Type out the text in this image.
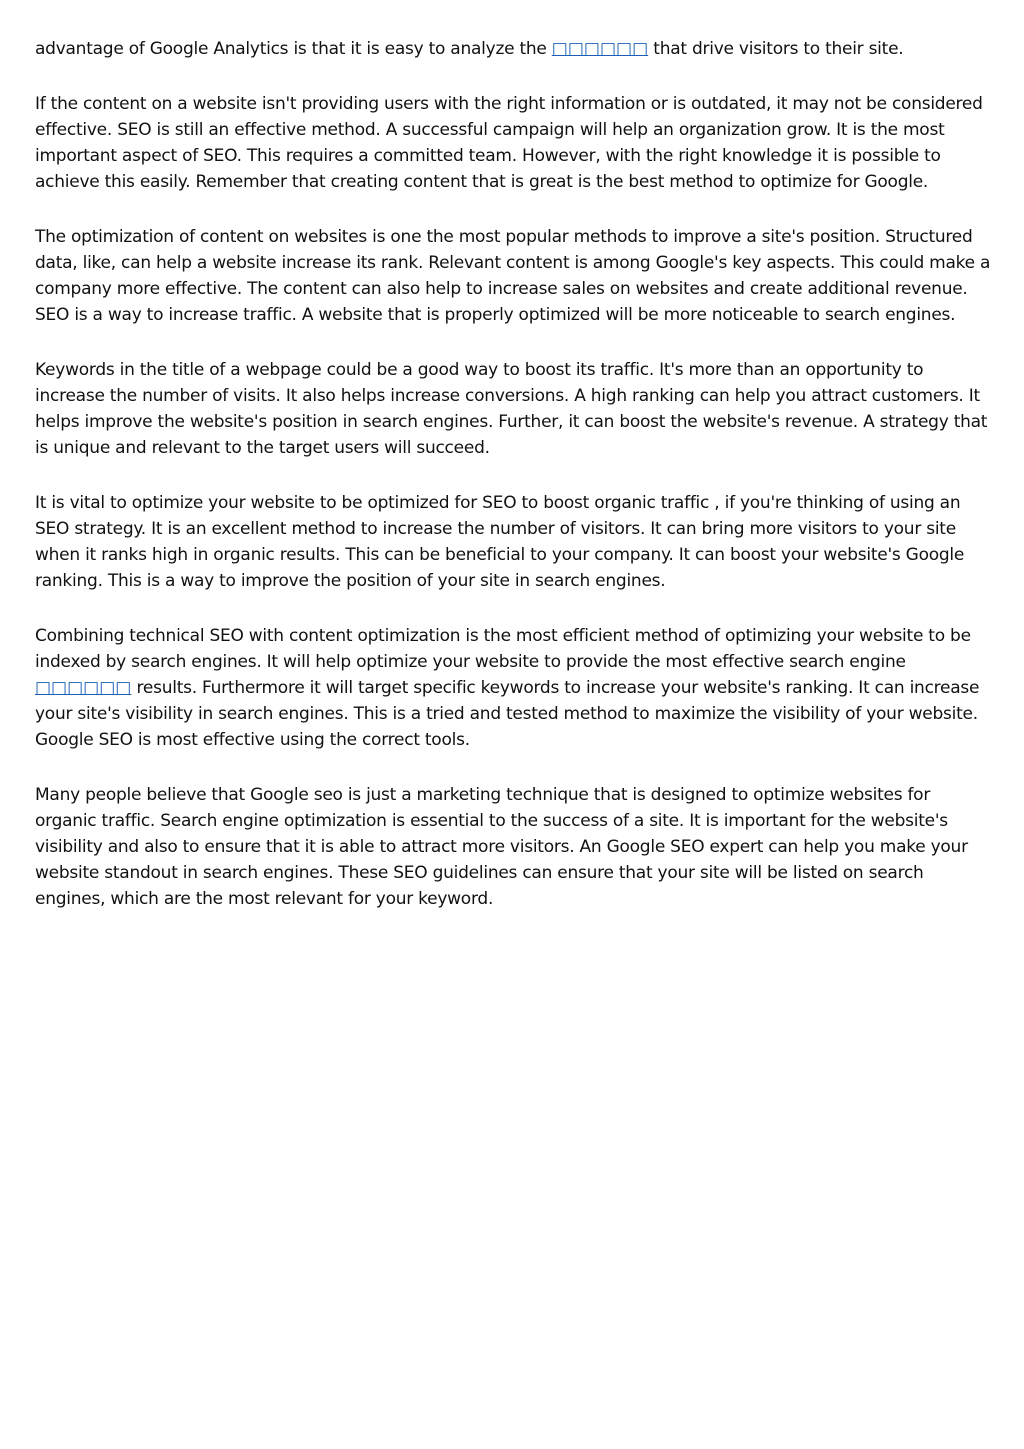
advantage of Google Analytics is that it is easy to analyze the □□□□□□ that drive visitors to their site.

If the content on a website isn't providing users with the right information or is outdated, it may not be considered effective. SEO is still an effective method. A successful campaign will help an organization grow. It is the most important aspect of SEO. This requires a committed team. However, with the right knowledge it is possible to achieve this easily. Remember that creating content that is great is the best method to optimize for Google.

The optimization of content on websites is one the most popular methods to improve a site's position. Structured data, like, can help a website increase its rank. Relevant content is among Google's key aspects. This could make a company more effective. The content can also help to increase sales on websites and create additional revenue. SEO is a way to increase traffic. A website that is properly optimized will be more noticeable to search engines.

Keywords in the title of a webpage could be a good way to boost its traffic. It's more than an opportunity to increase the number of visits. It also helps increase conversions. A high ranking can help you attract customers. It helps improve the website's position in search engines. Further, it can boost the website's revenue. A strategy that is unique and relevant to the target users will succeed.

It is vital to optimize your website to be optimized for SEO to boost organic traffic , if you're thinking of using an SEO strategy. It is an excellent method to increase the number of visitors. It can bring more visitors to your site when it ranks high in organic results. This can be beneficial to your company. It can boost your website's Google ranking. This is a way to improve the position of your site in search engines.

Combining technical SEO with content optimization is the most efficient method of optimizing your website to be indexed by search engines. It will help optimize your website to provide the most effective search engine □□□□□□ results. Furthermore it will target specific keywords to increase your website's ranking. It can increase your site's visibility in search engines. This is a tried and tested method to maximize the visibility of your website. Google SEO is most effective using the correct tools.

Many people believe that Google seo is just a marketing technique that is designed to optimize websites for organic traffic. Search engine optimization is essential to the success of a site. It is important for the website's visibility and also to ensure that it is able to attract more visitors. An Google SEO expert can help you make your website standout in search engines. These SEO guidelines can ensure that your site will be listed on search engines, which are the most relevant for your keyword.
